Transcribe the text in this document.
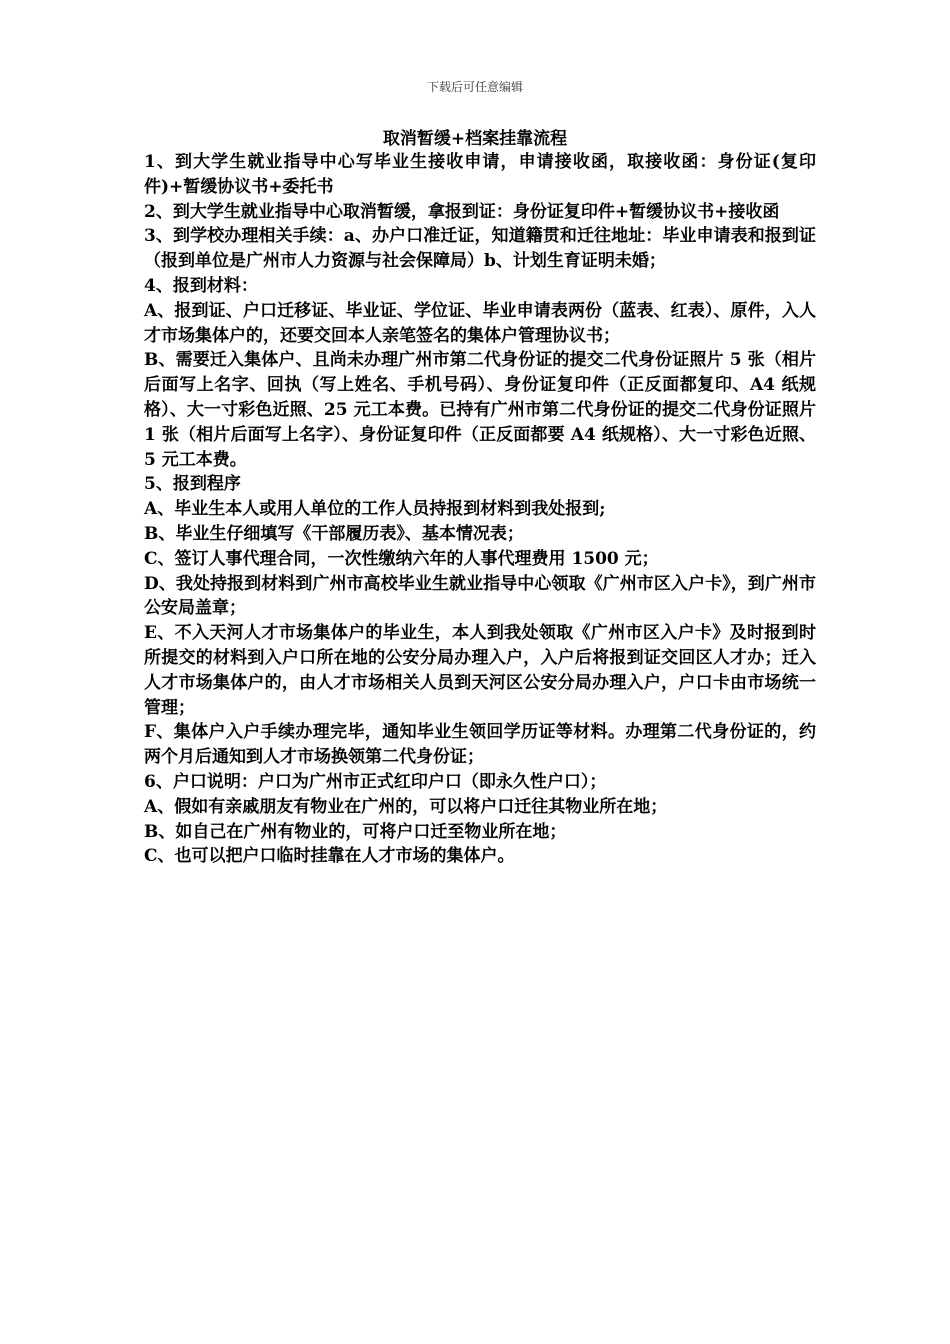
下载后可任意编辑
取消暂缓+档案挂靠流程

1、到大学生就业指导中心写毕业生接收申请，申请接收函，取接收函：身份证(复印件)+暂缓协议书+委托书

2、到大学生就业指导中心取消暂缓，拿报到证：身份证复印件+暂缓协议书+接收函

3、到学校办理相关手续：a、办户口准迁证，知道籍贯和迁往地址：毕业申请表和报到证（报到单位是广州市人力资源与社会保障局）b、计划生育证明未婚；

4、报到材料：

A、报到证、户口迁移证、毕业证、学位证、毕业申请表两份（蓝表、红表）、原件，入人才市场集体户的，还要交回本人亲笔签名的集体户管理协议书；

B、需要迁入集体户、且尚未办理广州市第二代身份证的提交二代身份证照片 5 张（相片后面写上名字、回执（写上姓名、手机号码）、身份证复印件（正反面都复印、A4 纸规格）、大一寸彩色近照、25 元工本费。已持有广州市第二代身份证的提交二代身份证照片 1 张（相片后面写上名字）、身份证复印件（正反面都要 A4 纸规格）、大一寸彩色近照、5 元工本费。

5、报到程序

A、毕业生本人或用人单位的工作人员持报到材料到我处报到;

B、毕业生仔细填写《干部履历表》、基本情况表；

C、签订人事代理合同，一次性缴纳六年的人事代理费用 1500 元；

D、我处持报到材料到广州市高校毕业生就业指导中心领取《广州市区入户卡》，到广州市公安局盖章；

E、不入天河人才市场集体户的毕业生，本人到我处领取《广州市区入户卡》及时报到时所提交的材料到入户口所在地的公安分局办理入户，入户后将报到证交回区人才办；迁入人才市场集体户的，由人才市场相关人员到天河区公安分局办理入户，户口卡由市场统一管理；

F、集体户入户手续办理完毕，通知毕业生领回学历证等材料。办理第二代身份证的，约两个月后通知到人才市场换领第二代身份证；

6、户口说明：户口为广州市正式红印户口（即永久性户口）；

A、假如有亲戚朋友有物业在广州的，可以将户口迁往其物业所在地；

B、如自己在广州有物业的，可将户口迁至物业所在地；

C、也可以把户口临时挂靠在人才市场的集体户。
